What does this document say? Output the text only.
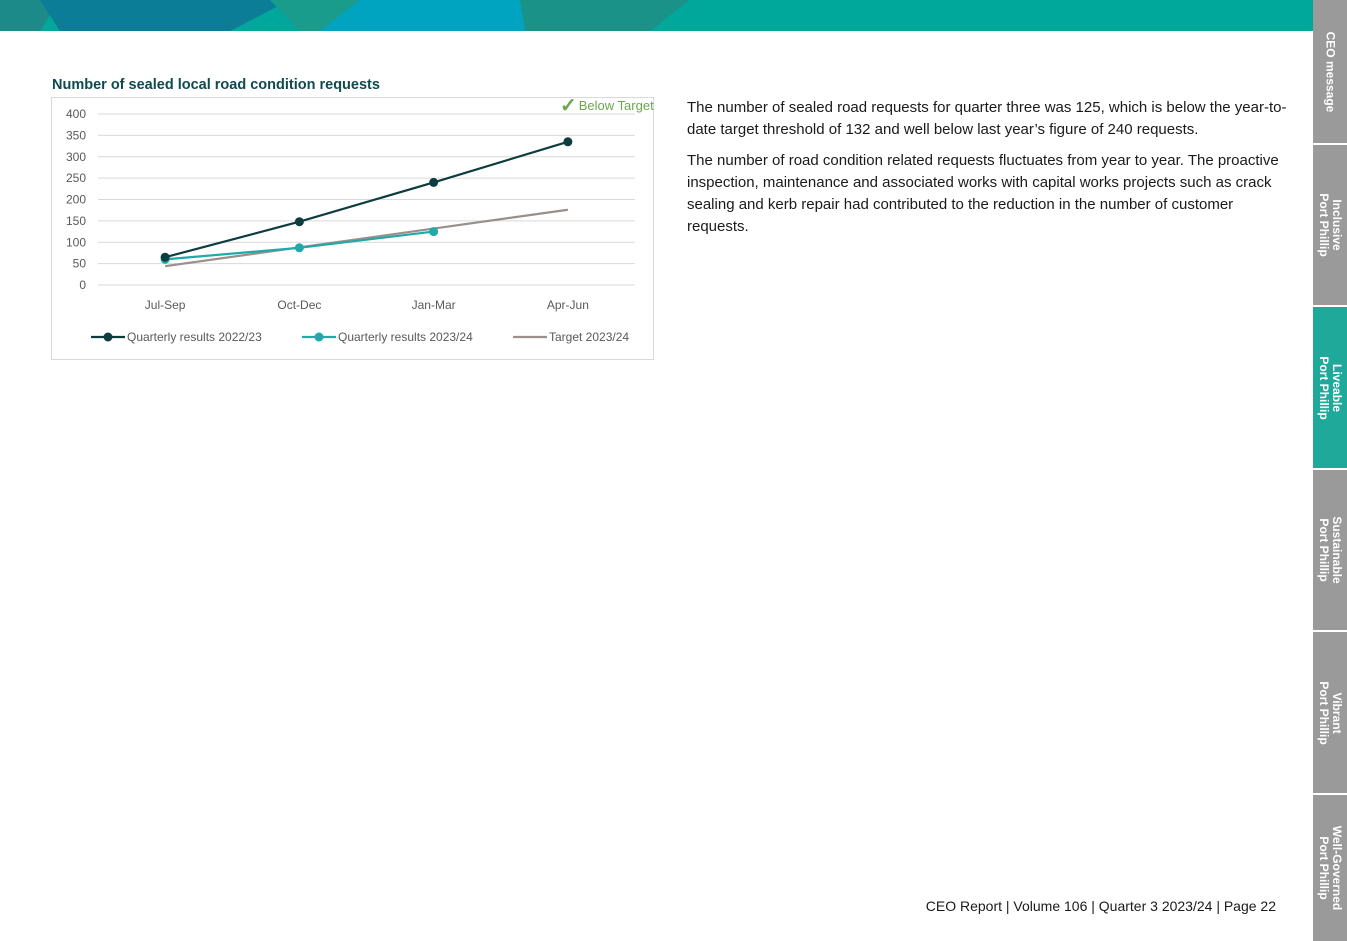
Number of sealed local road condition requests
0
50
100
150
200
250
300
350
400
Jul-Sep	Oct-Dec	Jan-Mar	Apr-Jun
Quarterly results 2022/23	Quarterly results 2023/24	Target 2023/24
✓ Below Target The number of sealed road requests for quarter three was 125, which is below the year-to-date target threshold of 132 and well below last year’s figure of 240 requests.

The number of road condition related requests fluctuates from year to year. The proactive inspection, maintenance and associated works with capital works projects such as crack sealing and kerb repair had contributed to the reduction in the number of customer requests.

CEO Report | Volume 106 | Quarter 3 2023/24 | Page 22
CEO message
Inclusive
Port Phillip
Liveable
Port Phillip
Sustainable
Port Phillip
Vibrant
Port Phillip
Well-Governed
Port Phillip
